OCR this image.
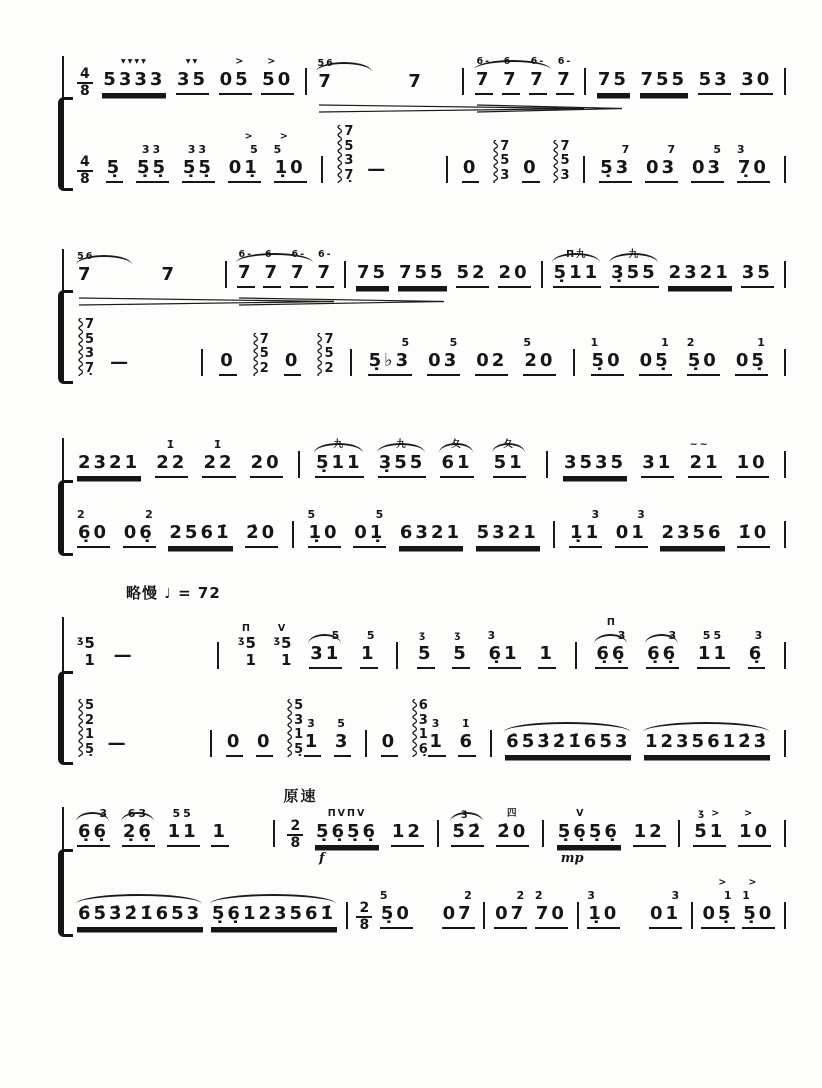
$\frac{4}{8}$
▾▾▾▾
5333
▾▾
35
>
05
>
50
56
7	7
6-
7
6-
7
6-
7
6-
7 75 755 53 30
$\frac{4}{8}$ 5̣
33
5̣5̣
33
5̣5̣
>
5
01̣
>
5
1̣0
7
5
3
7̣ —	0
7
5
3 0
7
5
3
7
5̣3
7
03
5
03
3
7̣0
56
7	7
6-
7
6-
7
6-
7
6-
7 75 755 52 20
Π九
5̣11
九
3̣55 2321 35
7
5
3
7̣ —	0
7
5
2 0
7
5
2
5
5̣♭3
5
03 02
5
20
1
5̣0
1
05̣
2
5̣0
1
05̣
2321
1̇
22
1̇
22 20
九
5̣11
九
3̣55
夂
61
夂
51 3535 31
~~
21 10
2
6̣0
2
06̣ 2561̇ 2̇0
5
1̣0
5
01̣ 6321 5321
3
1̣1
3
01 2356 1̇0
略慢 ♩ = 72
ʒ 5
1 —
Π
ʒ 5
1
V
ʒ 5
1
5
31
5
1
ʒ
5
ʒ
5
3
6̣1 1
Π
3
6̣6̣
3
6̣6̣
55
11
3
6̣
5
2
1
5̣ —	0 0
5
3
1
5̣
3̇
1
5̇
3 0
6
3
1
6̣
3
1
1̇
6 6̇5̇3̇2̇1̇653 1235612̇3̇
3
6̣6̣
63
2̣6̣
55
11 1	2
8
原速
ΠVΠV
5̣6̣5̣6̣
f
12
ʒ
5̇2̇
四
2̇0
V
5̣6̣5̣6̣
mp
12
ʒ >
5̇1
>
10
6̇5̇3̇2̇1̇653 5̣6̣123561̇ $\frac{2}{8}$
5
5̣0
2̇
07
2̇
07
2̇
70
3
1̣0
3
01
>
1
05̣
>
1
5̣0
